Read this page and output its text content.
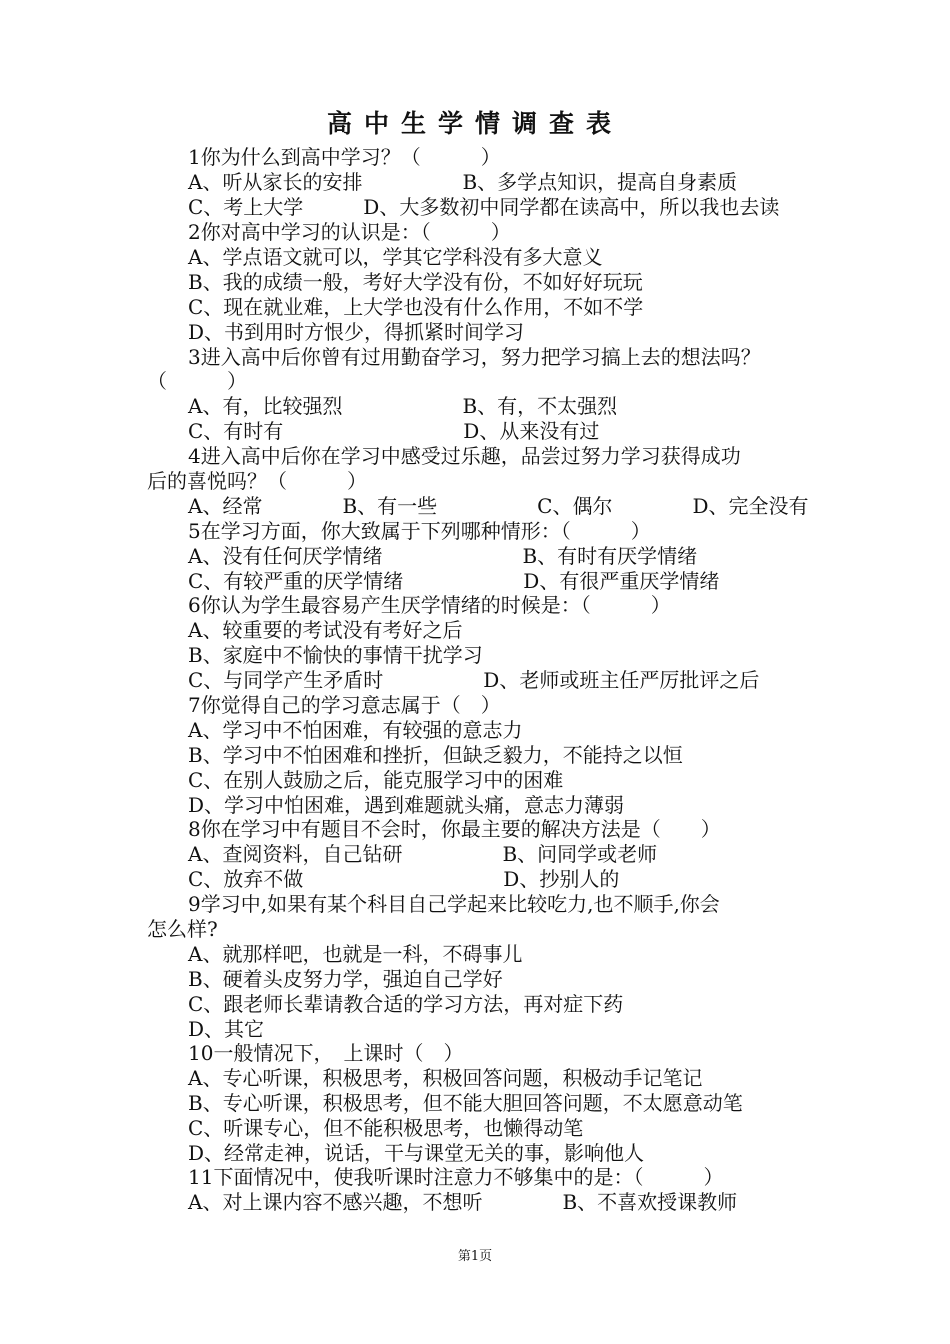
高中生学情调查表
1你为什么到高中学习？（　　　）
A、听从家长的安排　　　　　B、多学点知识，提高自身素质
C、考上大学　　　D、大多数初中同学都在读高中，所以我也去读
2你对高中学习的认识是：（　　　）
A、学点语文就可以，学其它学科没有多大意义
B、我的成绩一般，考好大学没有份，不如好好玩玩
C、现在就业难，上大学也没有什么作用，不如不学
D、书到用时方恨少，得抓紧时间学习
3进入高中后你曾有过用勤奋学习，努力把学习搞上去的想法吗？
（　　　）
A、有，比较强烈　　　　　　B、有，不太强烈
C、有时有　　　　　　　　　D、从来没有过
4进入高中后你在学习中感受过乐趣，品尝过努力学习获得成功
后的喜悦吗？（　　　）
A、经常　　　　B、有一些　　　　　C、偶尔　　　　D、完全没有
5在学习方面，你大致属于下列哪种情形：（　　　）
A、没有任何厌学情绪　　　　　　　B、有时有厌学情绪
C、有较严重的厌学情绪　　　　　　D、有很严重厌学情绪
6你认为学生最容易产生厌学情绪的时候是：（　　　）
A、较重要的考试没有考好之后
B、家庭中不愉快的事情干扰学习
C、与同学产生矛盾时　　　　　D、老师或班主任严厉批评之后
7你觉得自己的学习意志属于（　）
A、学习中不怕困难，有较强的意志力
B、学习中不怕困难和挫折，但缺乏毅力，不能持之以恒
C、在别人鼓励之后，能克服学习中的困难
D、学习中怕困难，遇到难题就头痛，意志力薄弱
8你在学习中有题目不会时，你最主要的解决方法是（　　）
A、查阅资料，自己钻研　　　　　B、问同学或老师
C、放弃不做　　　　　　　　　　D、抄别人的
9学习中,如果有某个科目自己学起来比较吃力,也不顺手,你会
怎么样?
A、就那样吧，也就是一科，不碍事儿
B、硬着头皮努力学，强迫自己学好
C、跟老师长辈请教合适的学习方法，再对症下药
D、其它
10一般情况下，　上课时（　）
A、专心听课，积极思考，积极回答问题，积极动手记笔记
B、专心听课，积极思考，但不能大胆回答问题，不太愿意动笔
C、听课专心，但不能积极思考，也懒得动笔
D、经常走神，说话，干与课堂无关的事，影响他人
11下面情况中，使我听课时注意力不够集中的是：（　　　）
A、对上课内容不感兴趣，不想听　　　　B、不喜欢授课教师
第1页
